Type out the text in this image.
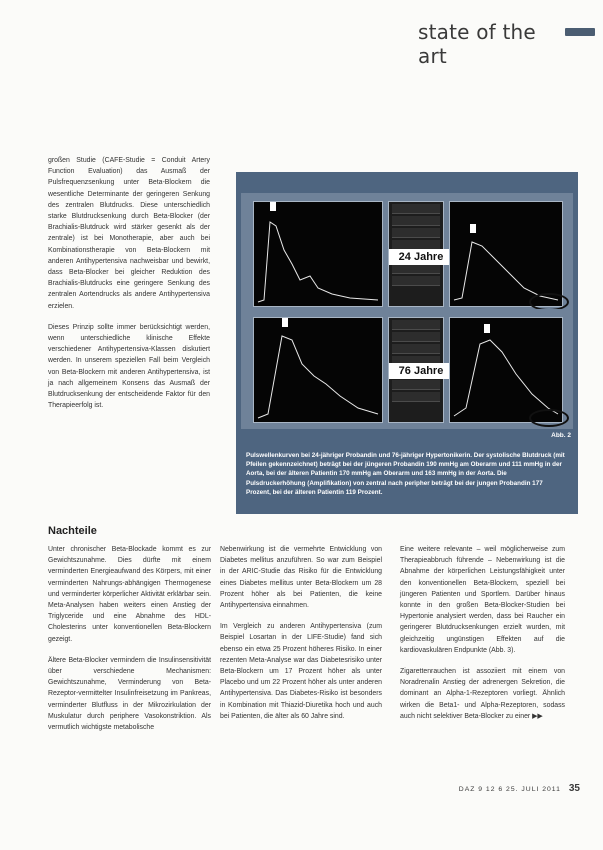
state of the art

großen Studie (CAFE-Studie = Conduit Artery Function Evaluation) das Ausmaß der Pulsfrequenzsenkung unter Beta-Blockern die wesentliche Determinante der geringeren Senkung des zentralen Blutdrucks. Diese unterschiedlich starke Blutdrucksenkung durch Beta-Blocker (der Brachialis-Blutdruck wird stärker gesenkt als der zentrale) ist bei Monotherapie, aber auch bei Kombinationstherapie von Beta-Blockern mit anderen Antihypertensiva nachweisbar und bewirkt, dass Beta-Blocker bei gleicher Reduktion des Brachialis-Blutdrucks eine geringere Senkung des zentralen Aortendrucks als andere Antihypertensiva erzielen.

Dieses Prinzip sollte immer berücksichtigt werden, wenn unterschiedliche klinische Effekte verschiedener Antihypertensiva-Klassen diskutiert werden. In unserem speziellen Fall beim Vergleich von Beta-Blockern mit anderen Antihypertensiva, ist ja nach allgemeinem Konsens das Ausmaß der Blutdrucksenkung der entscheidende Faktor für den Therapieerfolg ist.

24 Jahre
76 Jahre
Abb. 2
Pulswellenkurven bei 24-jähriger Probandin und 76-jähriger Hypertonikerin. Der systolische Blutdruck (mit Pfeilen gekennzeichnet) beträgt bei der jüngeren Probandin 190 mmHg am Oberarm und 111 mmHg in der Aorta, bei der älteren Patientin 170 mmHg am Oberarm und 163 mmHg in der Aorta. Die Pulsdruckerhöhung (Amplifikation) von zentral nach peripher beträgt bei der jungen Probandin 177 Prozent, bei der älteren Patientin 119 Prozent.
Nachteile

Unter chronischer Beta-Blockade kommt es zur Gewichtszunahme. Dies dürfte mit einem verminderten Energieaufwand des Körpers, mit einer verminderten Nahrungs-abhängigen Thermogenese und verminderter körperlicher Aktivität erklärbar sein. Meta-Analysen haben weiters einen Anstieg der Triglyceride und eine Abnahme des HDL-Cholesterins unter konventionellen Beta-Blockern gezeigt.

Ältere Beta-Blocker vermindern die Insulinsensitivität über verschiedene Mechanismen: Gewichtszunahme, Verminderung von Beta-Rezeptor-vermittelter Insulinfreisetzung im Pankreas, verminderter Blutfluss in der Mikrozirkulation der Muskulatur durch periphere Vasokonstriktion. Als vermutlich wichtigste metabolische

Nebenwirkung ist die vermehrte Entwicklung von Diabetes mellitus anzuführen. So war zum Beispiel in der ARIC-Studie das Risiko für die Entwicklung eines Diabetes mellitus unter Beta-Blockern um 28 Prozent höher als bei Patienten, die keine Antihypertensiva einnahmen.

Im Vergleich zu anderen Antihypertensiva (zum Beispiel Losartan in der LIFE-Studie) fand sich ebenso ein etwa 25 Prozent höheres Risiko. In einer rezenten Meta-Analyse war das Diabetesrisiko unter Beta-Blockern um 17 Prozent höher als unter Placebo und um 22 Prozent höher als unter anderen Antihypertensiva. Das Diabetes-Risiko ist besonders in Kombination mit Thiazid-Diuretika hoch und auch bei Patienten, die älter als 60 Jahre sind.

Eine weitere relevante – weil möglicherweise zum Therapieabbruch führende – Nebenwirkung ist die Abnahme der körperlichen Leistungsfähigkeit unter den konventionellen Beta-Blockern, speziell bei jüngeren Patienten und Sportlern. Darüber hinaus konnte in den großen Beta-Blocker-Studien bei Hypertonie analysiert werden, dass bei Raucher ein geringerer Blutdrucksenkungen erzielt wurden, mit gleichzeitig ungünstigen Effekten auf die kardiovaskulären Endpunkte (Abb. 3).

Zigarettenrauchen ist assoziiert mit einem von Noradrenalin Anstieg der adrenergen Sekretion, die dominant an Alpha-1-Rezeptoren vorliegt. Ähnlich wirken die Beta1- und Alpha-Rezeptoren, sodass auch nicht selektiver Beta-Blocker zu einer ▶▶

DAZ 9 12 6 25. JULI 2011 35
